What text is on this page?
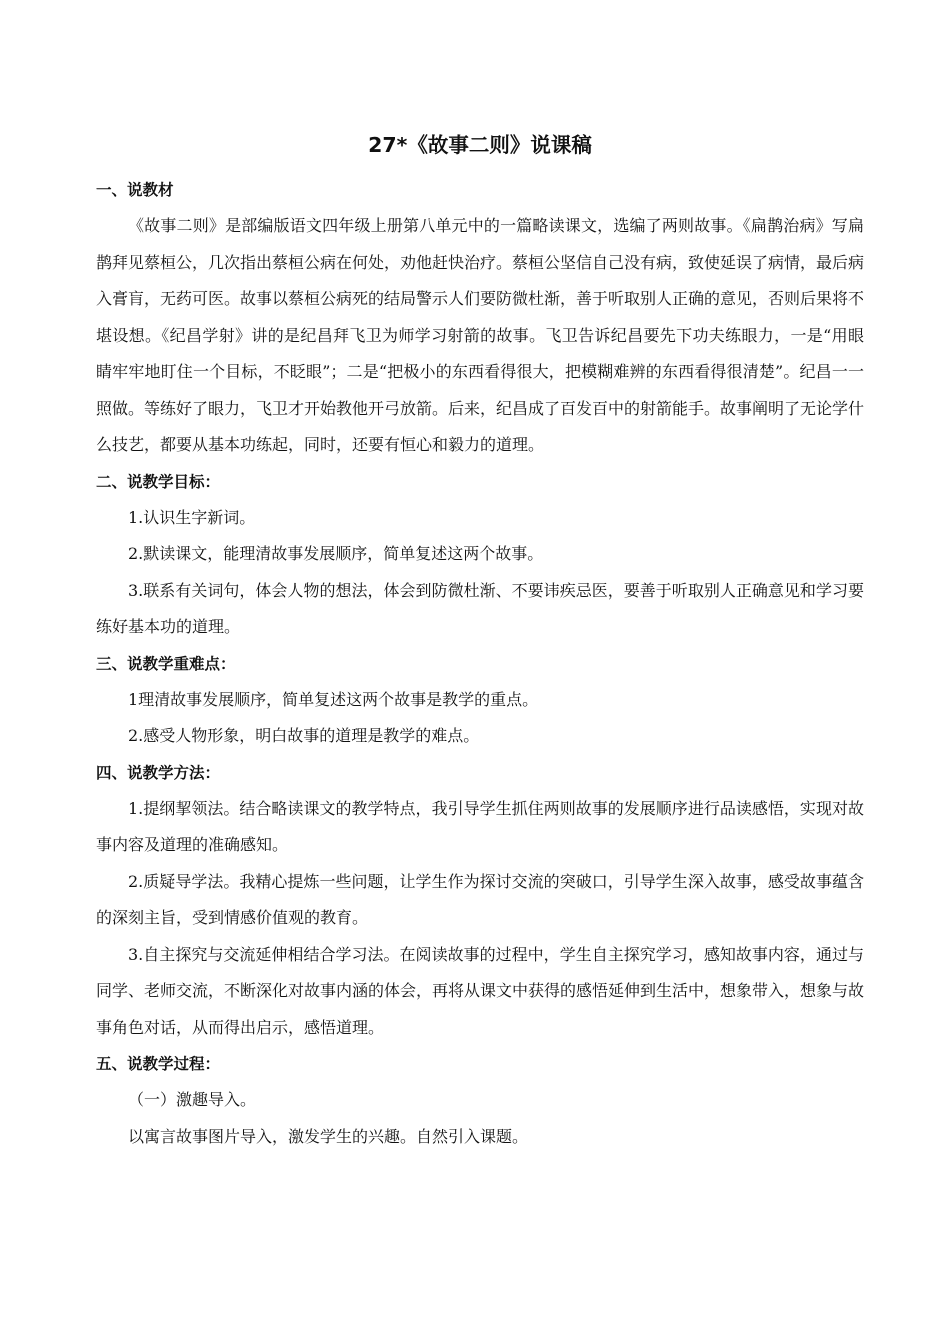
27*《故事二则》说课稿
一、说教材

《故事二则》是部编版语文四年级上册第八单元中的一篇略读课文，选编了两则故事。《扁鹊治病》写扁鹊拜见蔡桓公，几次指出蔡桓公病在何处，劝他赶快治疗。蔡桓公坚信自己没有病，致使延误了病情，最后病入膏肓，无药可医。故事以蔡桓公病死的结局警示人们要防微杜渐，善于听取别人正确的意见，否则后果将不堪设想。《纪昌学射》讲的是纪昌拜飞卫为师学习射箭的故事。飞卫告诉纪昌要先下功夫练眼力，一是“用眼睛牢牢地盯住一个目标，不眨眼”；二是“把极小的东西看得很大，把模糊难辨的东西看得很清楚”。纪昌一一照做。等练好了眼力，飞卫才开始教他开弓放箭。后来，纪昌成了百发百中的射箭能手。故事阐明了无论学什么技艺，都要从基本功练起，同时，还要有恒心和毅力的道理。

二、说教学目标：

1.认识生字新词。

2.默读课文，能理清故事发展顺序，简单复述这两个故事。

3.联系有关词句，体会人物的想法，体会到防微杜渐、不要讳疾忌医，要善于听取别人正确意见和学习要练好基本功的道理。

三、说教学重难点：

1理清故事发展顺序，简单复述这两个故事是教学的重点。

2.感受人物形象，明白故事的道理是教学的难点。

四、说教学方法：

1.提纲挈领法。结合略读课文的教学特点，我引导学生抓住两则故事的发展顺序进行品读感悟，实现对故事内容及道理的准确感知。

2.质疑导学法。我精心提炼一些问题，让学生作为探讨交流的突破口，引导学生深入故事，感受故事蕴含的深刻主旨，受到情感价值观的教育。

3.自主探究与交流延伸相结合学习法。在阅读故事的过程中，学生自主探究学习，感知故事内容，通过与同学、老师交流，不断深化对故事内涵的体会，再将从课文中获得的感悟延伸到生活中，想象带入，想象与故事角色对话，从而得出启示，感悟道理。

五、说教学过程：

（一）激趣导入。

以寓言故事图片导入，激发学生的兴趣。自然引入课题。
